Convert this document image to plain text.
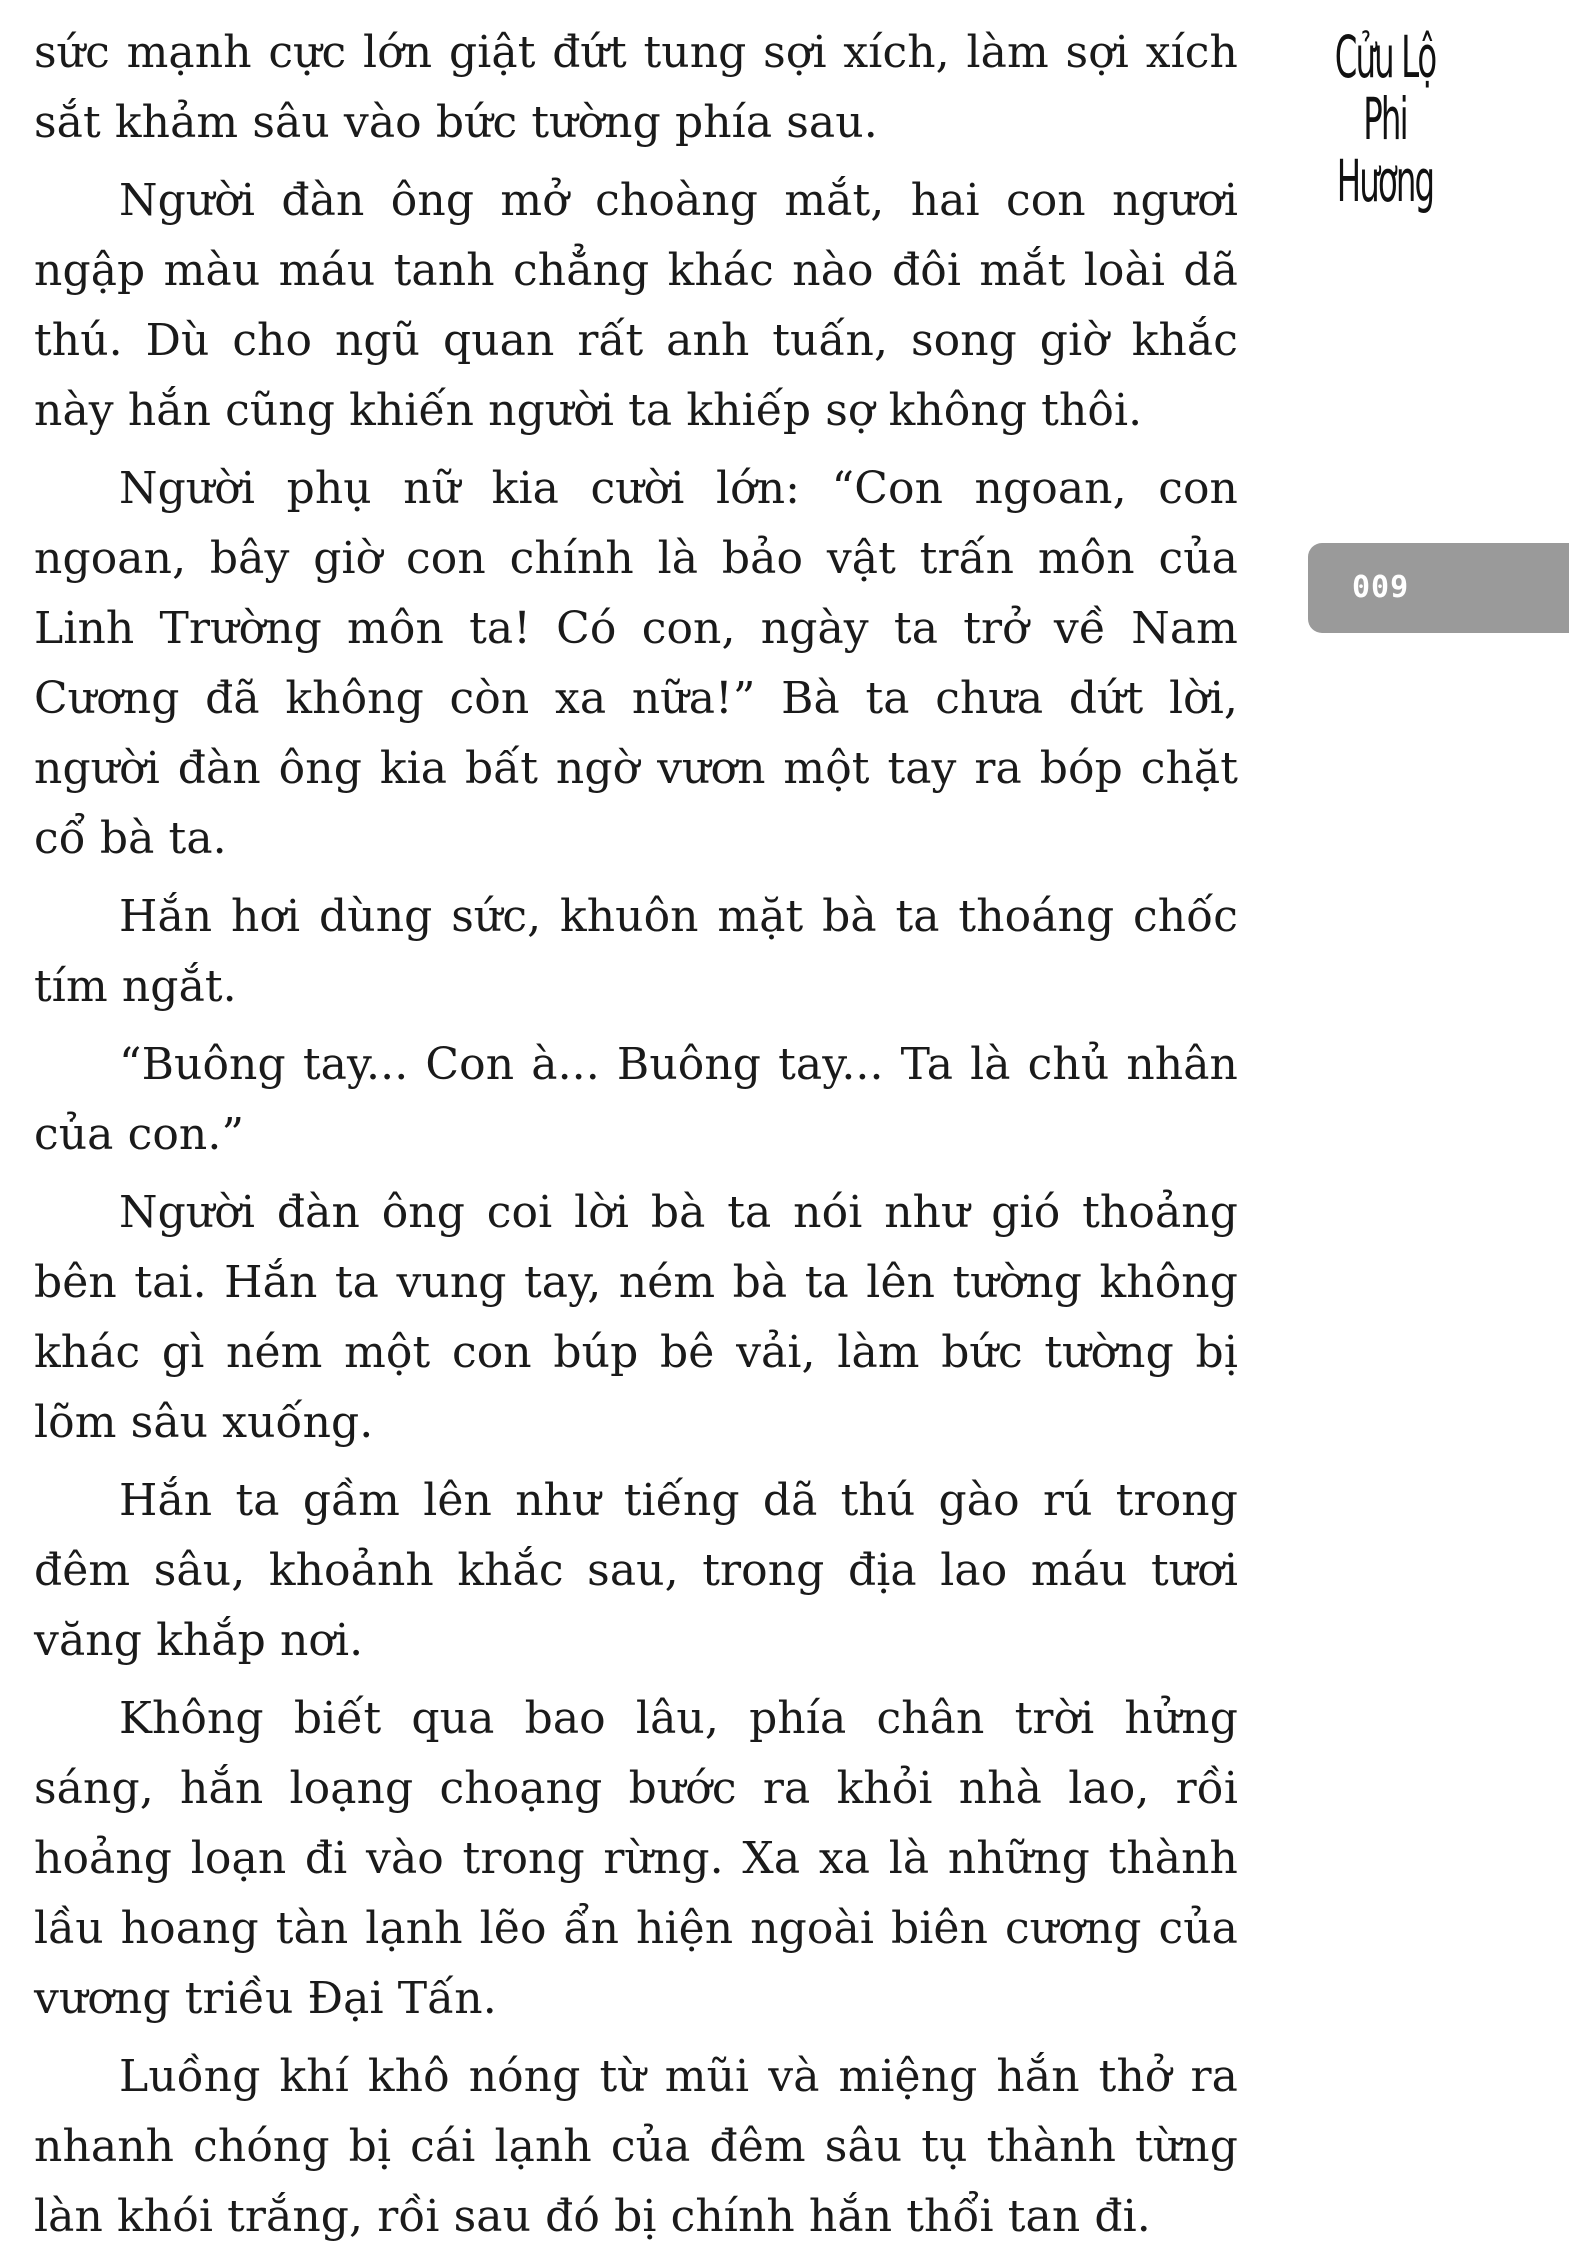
sức mạnh cực lớn giật đứt tung sợi xích, làm sợi xích sắt khảm sâu vào bức tường phía sau.

Người đàn ông mở choàng mắt, hai con ngươi ngập màu máu tanh chẳng khác nào đôi mắt loài dã thú. Dù cho ngũ quan rất anh tuấn, song giờ khắc này hắn cũng khiến người ta khiếp sợ không thôi.

Người phụ nữ kia cười lớn: “Con ngoan, con ngoan, bây giờ con chính là bảo vật trấn môn của Linh Trường môn ta! Có con, ngày ta trở về Nam Cương đã không còn xa nữa!” Bà ta chưa dứt lời, người đàn ông kia bất ngờ vươn một tay ra bóp chặt cổ bà ta.

Hắn hơi dùng sức, khuôn mặt bà ta thoáng chốc tím ngắt.

“Buông tay... Con à... Buông tay... Ta là chủ nhân của con.”

Người đàn ông coi lời bà ta nói như gió thoảng bên tai. Hắn ta vung tay, ném bà ta lên tường không khác gì ném một con búp bê vải, làm bức tường bị lõm sâu xuống.

Hắn ta gầm lên như tiếng dã thú gào rú trong đêm sâu, khoảnh khắc sau, trong địa lao máu tươi văng khắp nơi.

Không biết qua bao lâu, phía chân trời hửng sáng, hắn loạng choạng bước ra khỏi nhà lao, rồi hoảng loạn đi vào trong rừng. Xa xa là những thành lầu hoang tàn lạnh lẽo ẩn hiện ngoài biên cương của vương triều Đại Tấn.

Luồng khí khô nóng từ mũi và miệng hắn thở ra nhanh chóng bị cái lạnh của đêm sâu tụ thành từng làn khói trắng, rồi sau đó bị chính hắn thổi tan đi.

Cửu Lộ
Phi
Hương
009
